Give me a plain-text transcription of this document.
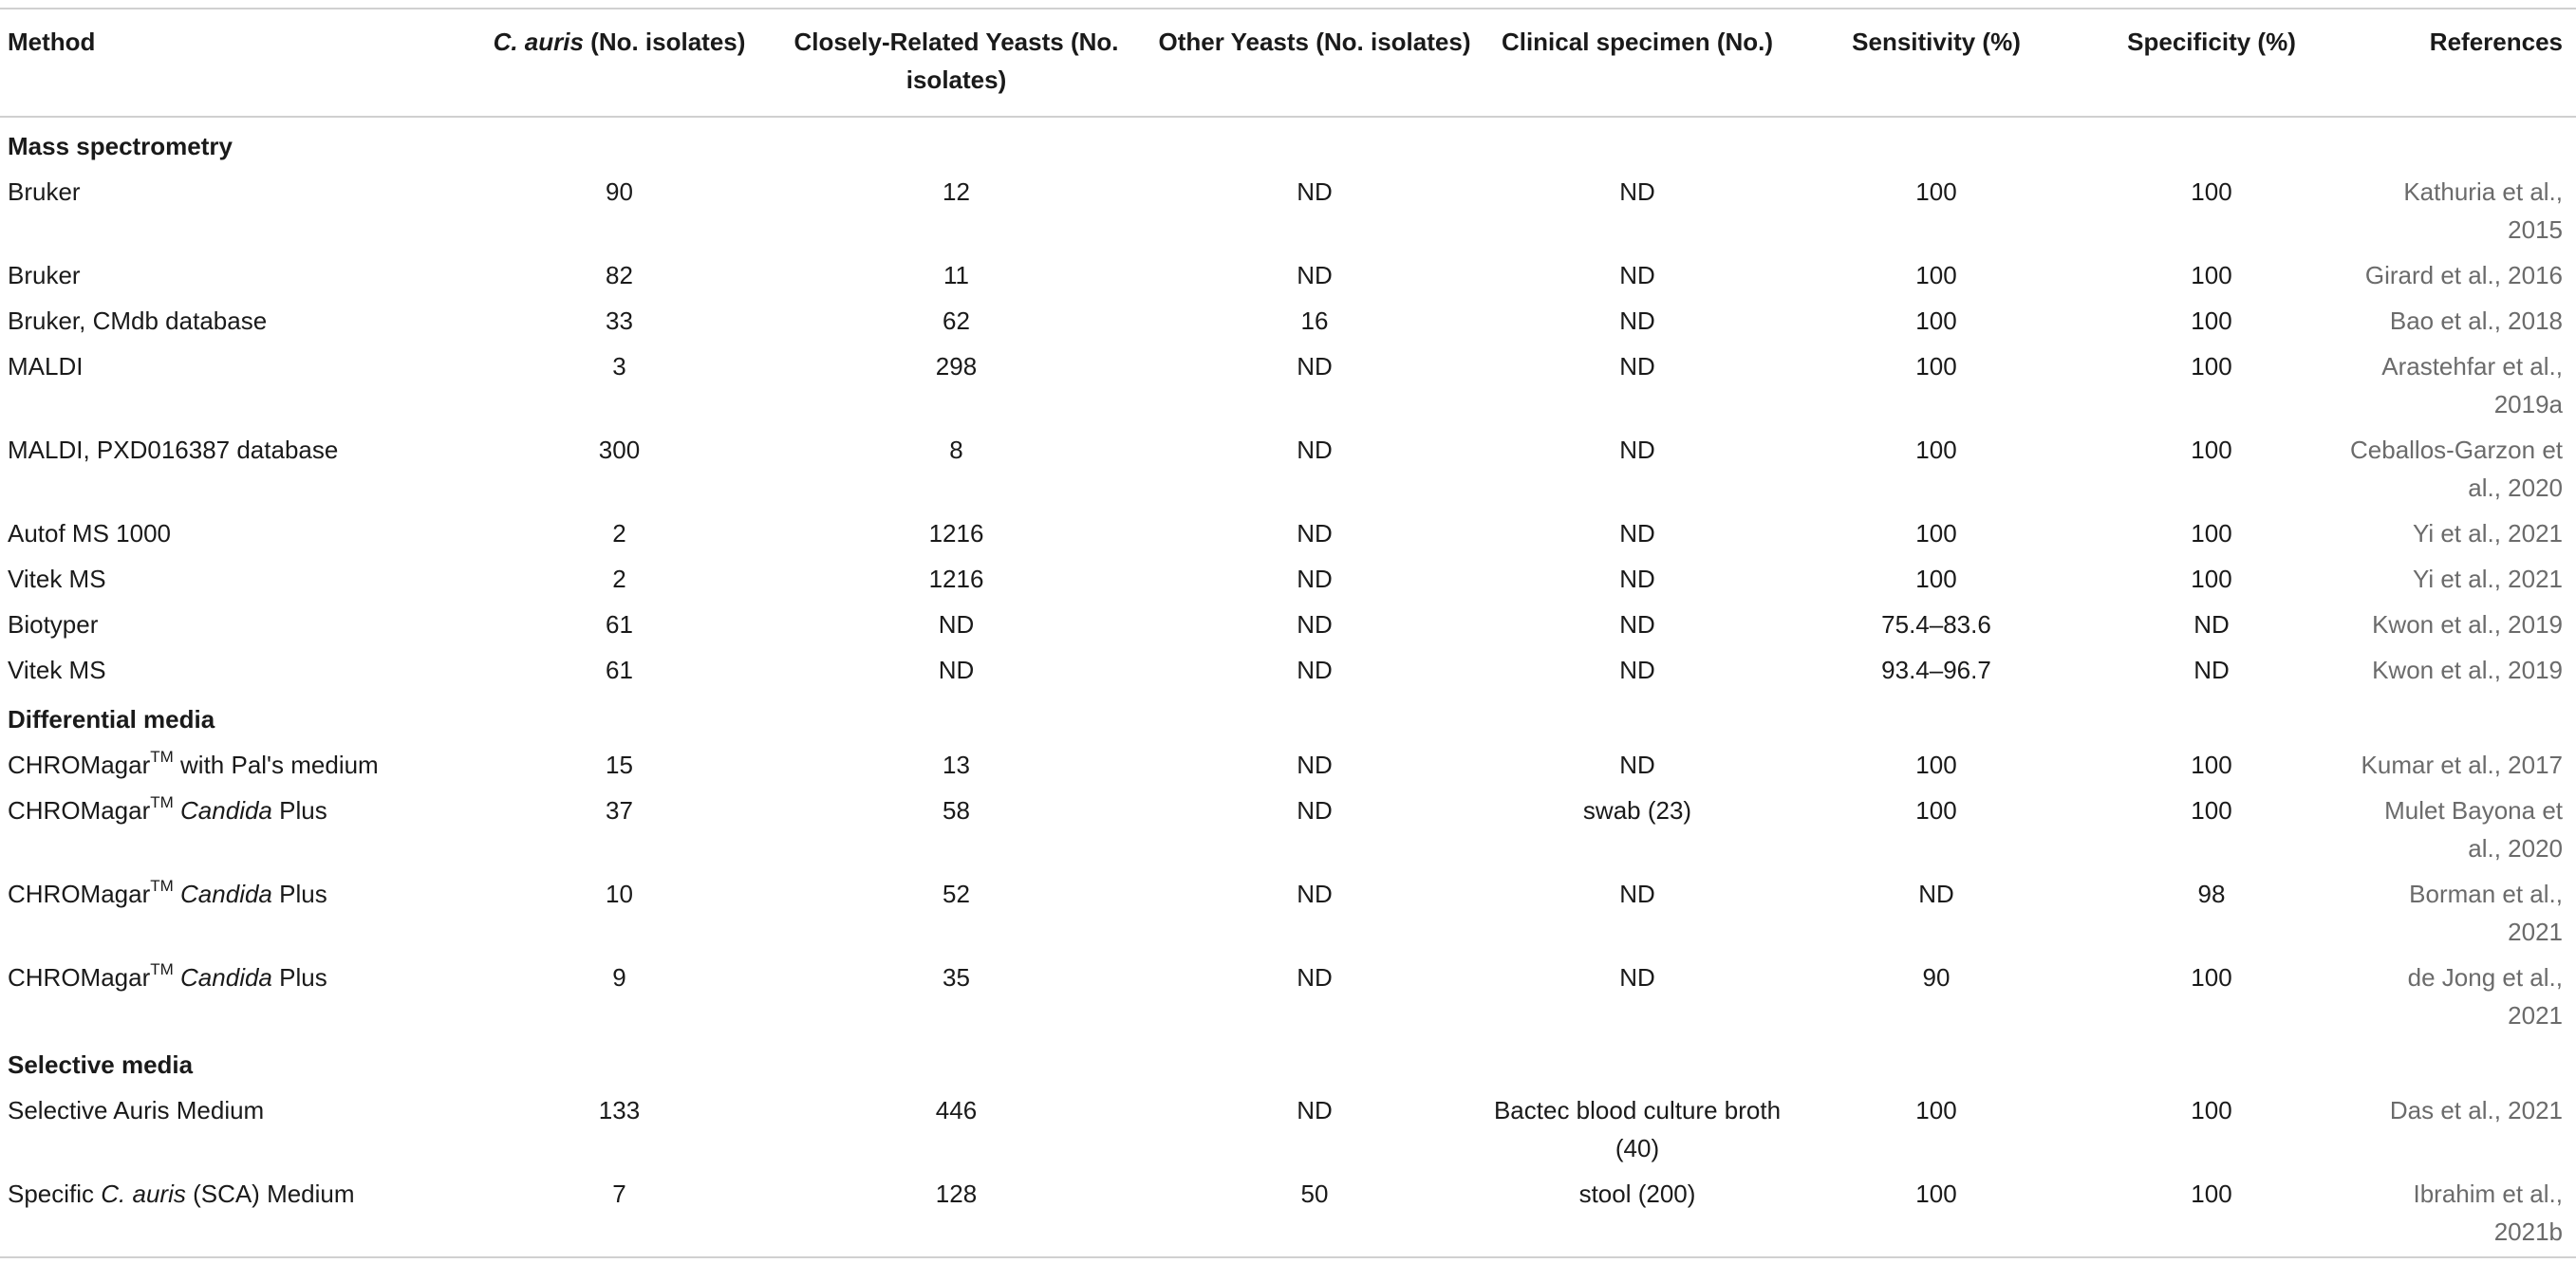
Method	C. auris (No. isolates)	Closely-Related Yeasts (No. isolates)	Other Yeasts (No. isolates)	Clinical specimen (No.)	Sensitivity (%)	Specificity (%)	References
Mass spectrometry							
Bruker	90	12	ND	ND	100	100	Kathuria et al., 2015
Bruker	82	11	ND	ND	100	100	Girard et al., 2016
Bruker, CMdb database	33	62	16	ND	100	100	Bao et al., 2018
MALDI	3	298	ND	ND	100	100	Arastehfar et al., 2019a
MALDI, PXD016387 database	300	8	ND	ND	100	100	Ceballos-Garzon et al., 2020
Autof MS 1000	2	1216	ND	ND	100	100	Yi et al., 2021
Vitek MS	2	1216	ND	ND	100	100	Yi et al., 2021
Biotyper	61	ND	ND	ND	75.4–83.6	ND	Kwon et al., 2019
Vitek MS	61	ND	ND	ND	93.4–96.7	ND	Kwon et al., 2019
Differential media							
CHROMagar™ with Pal's medium	15	13	ND	ND	100	100	Kumar et al., 2017
CHROMagar™ Candida Plus	37	58	ND	swab (23)	100	100	Mulet Bayona et al., 2020
CHROMagar™ Candida Plus	10	52	ND	ND	ND	98	Borman et al., 2021
CHROMagar™ Candida Plus	9	35	ND	ND	90	100	de Jong et al., 2021
Selective media							
Selective Auris Medium	133	446	ND	Bactec blood culture broth (40)	100	100	Das et al., 2021
Specific C. auris (SCA) Medium	7	128	50	stool (200)	100	100	Ibrahim et al., 2021b
